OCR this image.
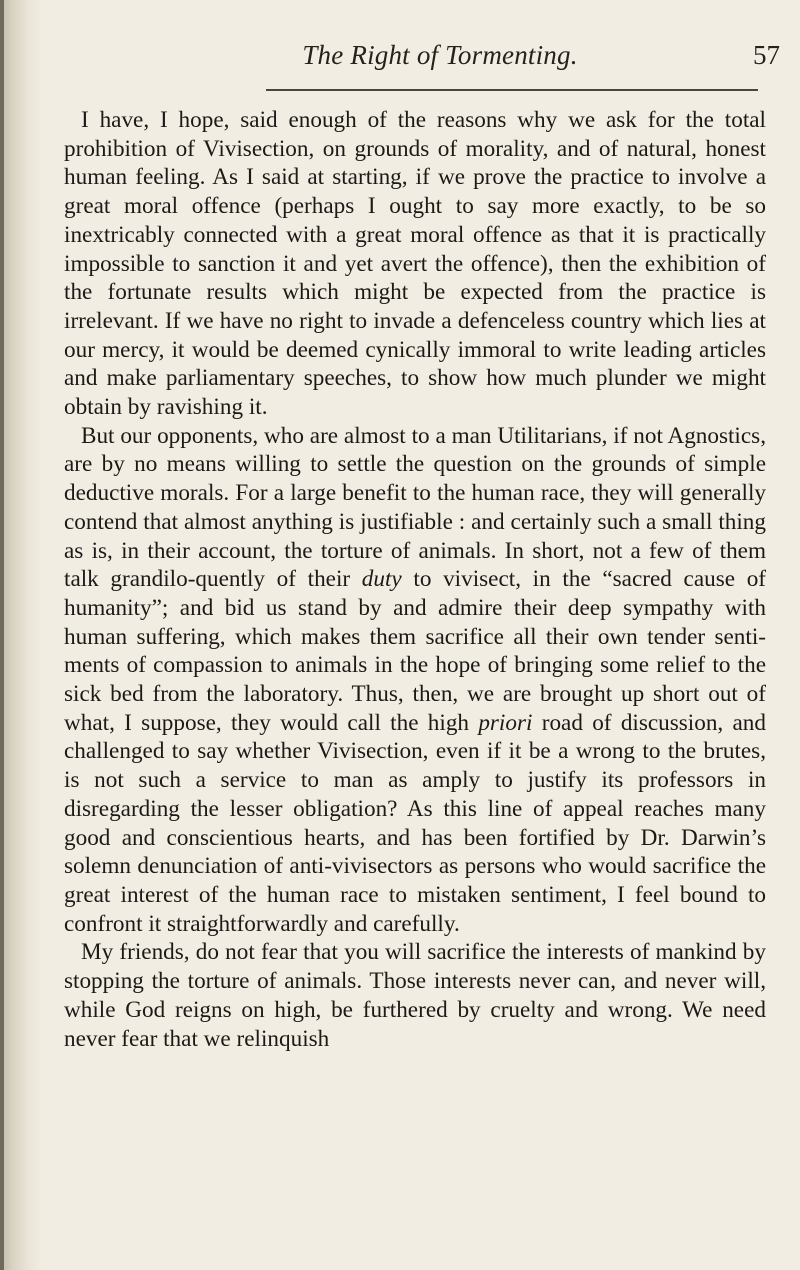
The Right of Tormenting.	57

I have, I hope, said enough of the reasons why we ask for the total prohibition of Vivisection, on grounds of morality, and of natural, honest human feeling. As I said at starting, if we prove the practice to involve a great moral offence (perhaps I ought to say more exactly, to be so inextricably connected with a great moral offence as that it is practically impossible to sanction it and yet avert the offence), then the exhibition of the fortunate results which might be expected from the practice is irrelevant. If we have no right to invade a defenceless country which lies at our mercy, it would be deemed cynically immoral to write leading articles and make parliamentary speeches, to show how much plunder we might obtain by ravishing it.

But our opponents, who are almost to a man Utilitarians, if not Agnostics, are by no means willing to settle the question on the grounds of simple deductive morals. For a large benefit to the human race, they will generally contend that almost anything is justifiable : and certainly such a small thing as is, in their account, the torture of animals. In short, not a few of them talk grandilo-quently of their duty to vivisect, in the “sacred cause of humanity”; and bid us stand by and admire their deep sympathy with human suffering, which makes them sacrifice all their own tender senti-ments of compassion to animals in the hope of bringing some relief to the sick bed from the laboratory. Thus, then, we are brought up short out of what, I suppose, they would call the high priori road of discussion, and challenged to say whether Vivisection, even if it be a wrong to the brutes, is not such a service to man as amply to justify its professors in disregarding the lesser obligation? As this line of appeal reaches many good and conscientious hearts, and has been fortified by Dr. Darwin’s solemn denunciation of anti-vivisectors as persons who would sacrifice the great interest of the human race to mistaken sentiment, I feel bound to confront it straightforwardly and carefully.

My friends, do not fear that you will sacrifice the interests of mankind by stopping the torture of animals. Those interests never can, and never will, while God reigns on high, be furthered by cruelty and wrong. We need never fear that we relinquish
